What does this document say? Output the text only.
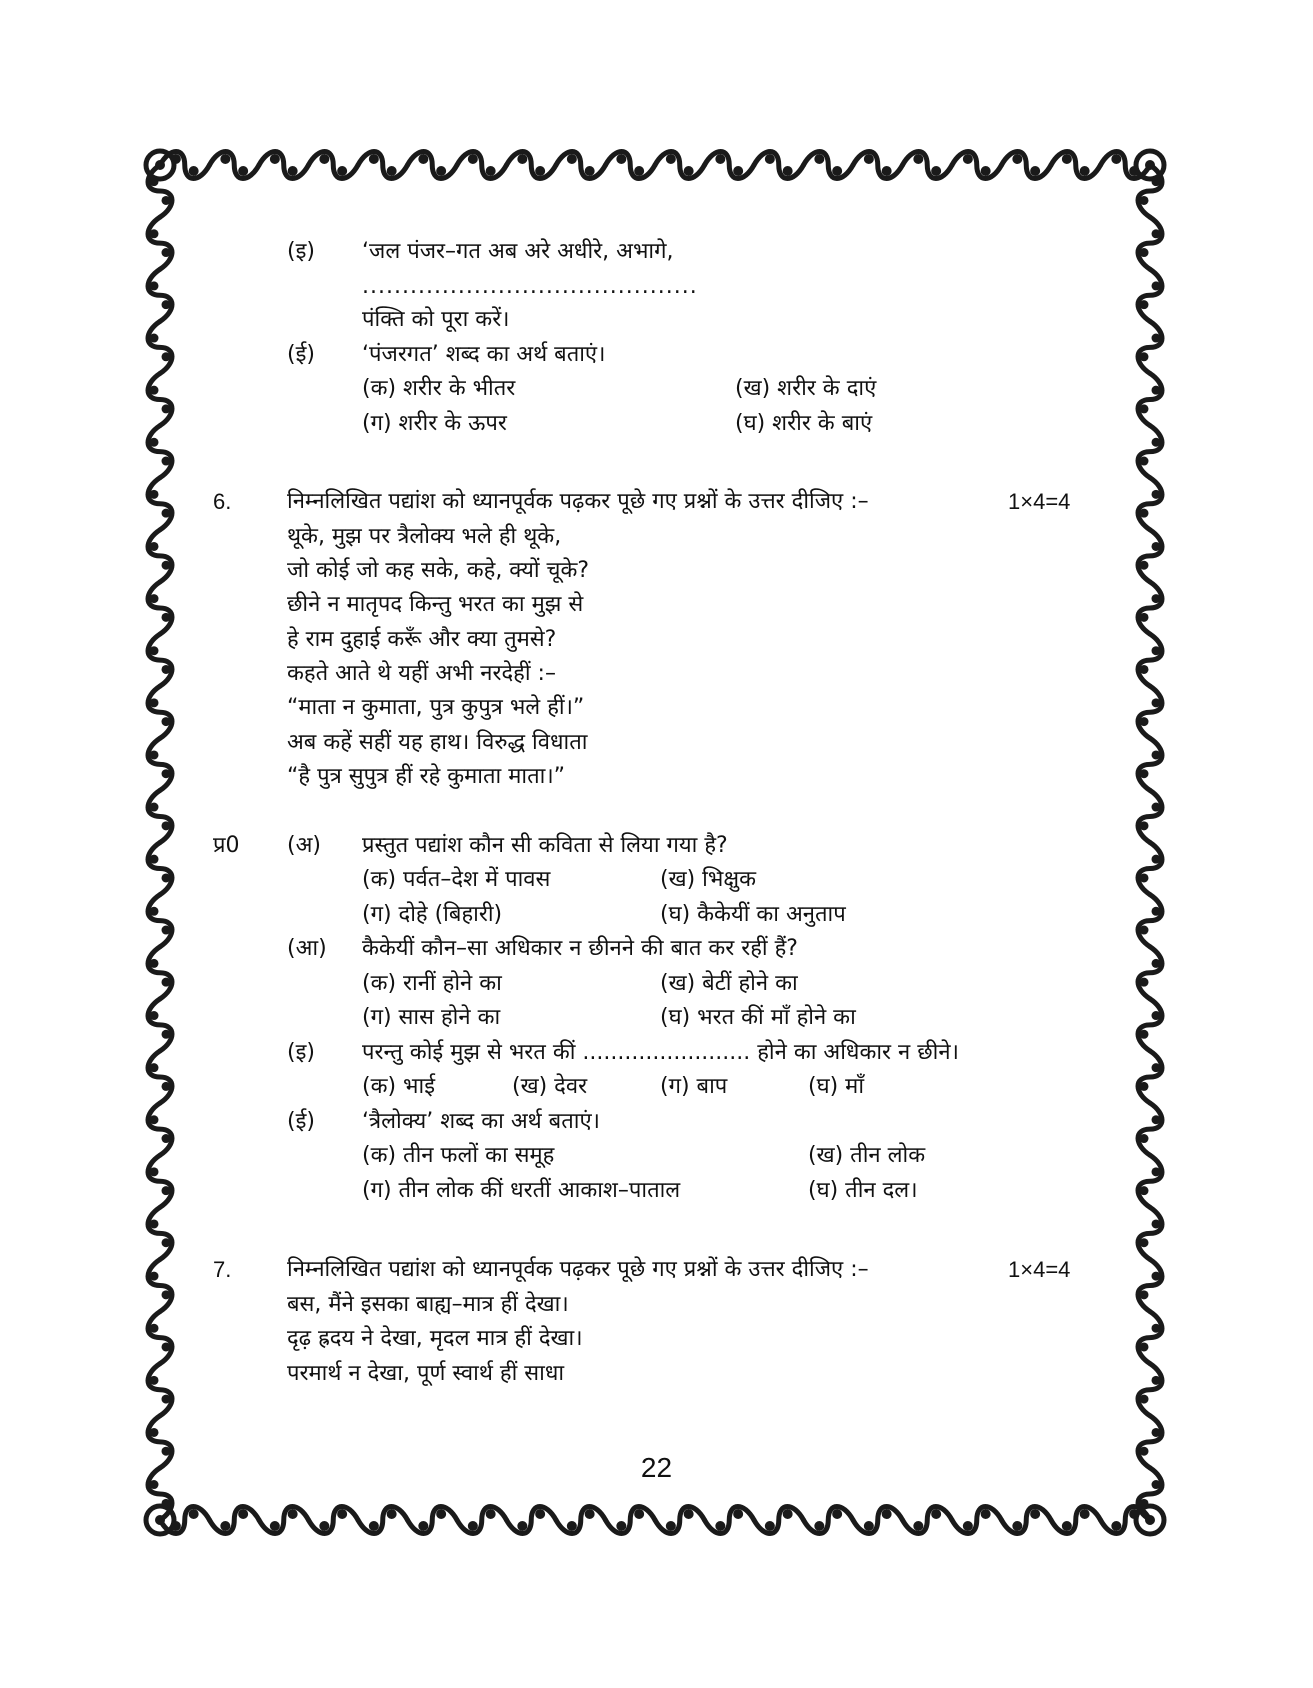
(इ) ‘जल पंजर–गत अब अरे अधीरे, अभागे,
..........................................
पंक्ति को पूरा करें।
(ई) ‘पंजरगत’ शब्द का अर्थ बताएं।
(क) शरीर के भीतर	(ख) शरीर के दाएं
(ग) शरीर के ऊपर	(घ) शरीर के बाएं
6.	निम्नलिखित पद्यांश को ध्यानपूर्वक पढ़कर पूछे गए प्रश्नों के उत्तर दीजिए :–	1×4=4
थूके, मुझ पर त्रैलोक्य भले ही थूके,
जो कोई जो कह सके, कहे, क्यों चूके?
छीने न मातृपद किन्तु भरत का मुझ से
हे राम दुहाई करूँ और क्या तुमसे?
कहते आते थे यहीं अभी नरदेहीं :–
“माता न कुमाता, पुत्र कुपुत्र भले हीं।”
अब कहें सहीं यह हाथ। विरुद्ध विधाता
“है पुत्र सुपुत्र हीं रहे कुमाता माता।”
प्र0 (अ) प्रस्तुत पद्यांश कौन सी कविता से लिया गया है?
(क) पर्वत–देश में पावस	(ख) भिक्षुक
(ग) दोहे (बिहारी)	(घ) कैकेयीं का अनुताप
(आ) कैकेयीं कौन–सा अधिकार न छीनने की बात कर रहीं हैं?
(क) रानीं होने का	(ख) बेटीं होने का
(ग) सास होने का	(घ) भरत कीं माँ होने का
(इ) परन्तु कोई मुझ से भरत कीं ........................ होने का अधिकार न छीने।
(क) भाई	(ख) देवर	(ग) बाप	(घ) माँ
(ई) ‘त्रैलोक्य’ शब्द का अर्थ बताएं।
(क) तीन फलों का समूह	(ख) तीन लोक
(ग) तीन लोक कीं धरतीं आकाश–पाताल	(घ) तीन दल।
7.	निम्नलिखित पद्यांश को ध्यानपूर्वक पढ़कर पूछे गए प्रश्नों के उत्तर दीजिए :–	1×4=4
बस, मैंने इसका बाह्य–मात्र हीं देखा।
दृढ़ ह्रदय ने देखा, मृदल मात्र हीं देखा।
परमार्थ न देखा, पूर्ण स्वार्थ हीं साधा
22
